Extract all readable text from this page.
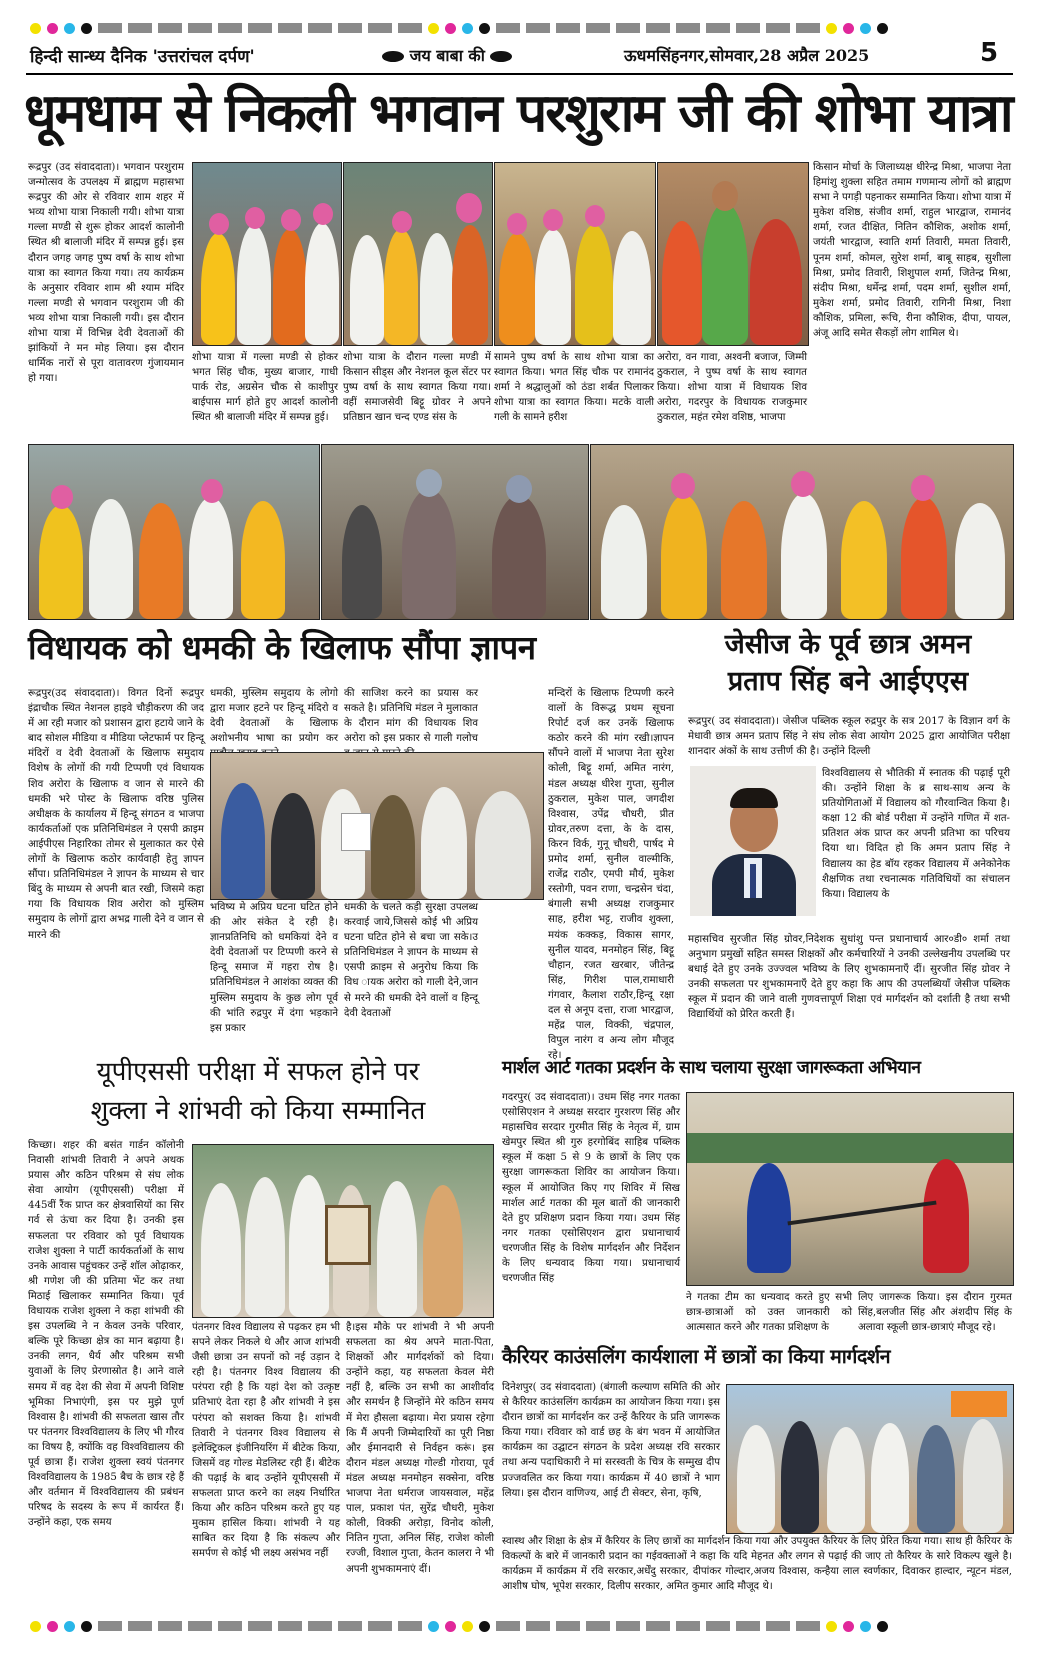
हिन्दी सान्ध्य दैनिक 'उत्तरांचल दर्पण'	जय बाबा की	ऊधमसिंहनगर,सोमवार,28 अप्रैल 2025	5
धूमधाम से निकली भगवान परशुराम जी की शोभा यात्रा
रूद्रपुर (उद संवाददाता)। भगवान परशुराम जन्मोत्सव के उपलक्ष्य में ब्राह्मण महासभा रूद्रपुर की ओर से रविवार शाम शहर में भव्य शोभा यात्रा निकाली गयी। शोभा यात्रा गल्ला मण्डी से शुरू होकर आदर्श कालोनी स्थित श्री बालाजी मंदिर में सम्पन्न हुई। इस दौरान जगह जगह पुष्प वर्षा के साथ शोभा यात्रा का स्वागत किया गया। तय कार्यक्रम के अनुसार रविवार शाम श्री श्याम मंदिर गल्ला मण्डी से भगवान परशुराम जी की भव्य शोभा यात्रा निकाली गयी। इस दौरान शोभा यात्रा में विभिन्न देवी देवताओं की झांकियों ने मन मोह लिया। इस दौरान धार्मिक नारों से पूरा वातावरण गुंजायमान हो गया।
शोभा यात्रा में गल्ला मण्डी से होकर भगत सिंह चौक, मुख्य बाजार, गाधी पार्क रोड, अग्रसेन चौक से काशीपुर बाईपास मार्ग होते हुए आदर्श कालोनी स्थित श्री बालाजी मंदिर में सम्पन्न हुई।
शोभा यात्रा के दौरान गल्ला मण्डी में किसान सीड्स और नेशनल कूल सेंटर पर पुष्प वर्षा के साथ स्वागत किया गया। वहीं समाजसेवी बिट्टू ग्रोवर ने अपने प्रतिष्ठान खान चन्द एण्ड संस के
सामने पुष्प वर्षा के साथ शोभा यात्रा का स्वागत किया। भगत सिंह चौक पर रामानंद शर्मा ने श्रद्धालुओं को ठंडा शर्बत पिलाकर शोभा यात्रा का स्वागत किया। मटके वाली गली के सामने हरीश
अरोरा, वन गावा, अश्वनी बजाज, जिम्मी ठुकराल, ने पुष्प वर्षा के साथ स्वागत किया। शोभा यात्रा में विधायक शिव अरोरा, गदरपुर के विधायक राजकुमार ठुकराल, महंत रमेश वशिष्ठ, भाजपा
किसान मोर्चा के जिलाध्यक्ष धीरेन्द्र मिश्रा, भाजपा नेता हिमांशु शुक्ला सहित तमाम गणमान्य लोगों को ब्राह्मण सभा ने पगड़ी पहनाकर सम्मानित किया। शोभा यात्रा में मुकेश वशिष्ठ, संजीव शर्मा, राहुल भारद्वाज, रामानंद शर्मा, रजत दीक्षित, नितिन कौशिक, अशोक शर्मा, जयंती भारद्वाज, स्वाति शर्मा तिवारी, ममता तिवारी, पूनम शर्मा, कोमल, सुरेश शर्मा, बाबू साहब, सुशीला मिश्रा, प्रमोद तिवारी, शिशुपाल शर्मा, जितेन्द्र मिश्रा, संदीप मिश्रा, धर्मेन्द्र शर्मा, पदम शर्मा, सुशील शर्मा, मुकेश शर्मा, प्रमोद तिवारी, रागिनी मिश्रा, निशा कौशिक, प्रमिला, रूचि, रीना कौशिक, दीपा, पायल, अंजू आदि समेत सैकड़ों लोग शामिल थे।
विधायक को धमकी के खिलाफ सौंपा ज्ञापन
रूद्रपुर(उद संवाददाता)। विगत दिनों रूद्रपुर इंद्राचौक स्थित नेशनल हाइवे चौड़ीकरण की जद में आ रही मजार को प्रशासन द्वारा हटाये जाने के बाद सोशल मीडिया व मीडिया प्लेटफार्म पर हिन्दू मंदिरों व देवी देवताओं के खिलाफ समुदाय विशेष के लोगों की गयी टिप्पणी एवं विधायक शिव अरोरा के खिलाफ व जान से मारने की धमकी भरे पोस्ट के खिलाफ वरिष्ठ पुलिस अधीक्षक के कार्यालय में हिन्दू संगठन व भाजपा कार्यकर्ताओं एक प्रतिनिधिमंडल ने एसपी क्राइम आईपीएस निहारिका तोमर से मुलाकात कर ऐसे लोगों के खिलाफ कठोर कार्यवाही हेतु ज्ञापन सौंपा। प्रतिनिधिमंडल ने ज्ञापन के माध्यम से चार बिंदु के माध्यम से अपनी बात रखी, जिसमे कहा गया कि विधायक शिव अरोरा को मुस्लिम समुदाय के लोगों द्वारा अभद्र गाली देने व जान से मारने की
धमकी, मुस्लिम समुदाय के लोगो द्वारा मजार हटने पर हिन्दू मंदिरो व देवी देवताओं के खिलाफ अशोभनीय भाषा का प्रयोग कर
की साजिश करने का प्रयास कर सकते है। प्रतिनिधि मंडल ने मुलाकात के दौरान मांग की विधायक शिव अरोरा को इस प्रकार से गाली गलोच
भविष्य मे अप्रिय घटना घटित होने की ओर संकेत दे रही है।ज्ञानप्रतिनिधि को धमकियां देने व देवी देवताओं पर टिप्पणी करने से हिन्दू समाज में गहरा रोष है। प्रतिनिधिमंडल ने आशंका व्यक्त की मुस्लिम समुदाय के कुछ लोग पूर्व की भांति रुद्रपुर में दंगा भड़काने इस प्रकार
धमकी के चलते कड़ी सुरक्षा उपलब्ध करवाई जाये,जिससे कोई भी अप्रिय घटना घटित होने से बचा जा सके।उ प्रतिनिधिमंडल ने ज्ञापन के माध्यम से एसपी क्राइम से अनुरोध किया कि विध ायक अरोरा को गाली देने,जान से मरने की धमकी देने वालों व हिन्दू देवी देवताओं
मन्दिरों के खिलाफ टिप्पणी करने वालों के विरूद्ध प्रथम सूचना रिपोर्ट दर्ज कर उनकें खिलाफ कठोर करने की मांग रखी।ज्ञापन सौंपने वालों में भाजपा नेता सुरेश कोली, बिट्टू शर्मा, अमित नारंग, मंडल अध्यक्ष धीरेश गुप्ता, सुनील ठुकराल, मुकेश पाल, जगदीश विश्वास, उपेंद्र चौधरी, प्रीत ग्रोवर,तरुण दत्ता, के के दास, किरन विर्क, गुनू चौधरी, पार्षद मे प्रमोद शर्मा, सुनील वाल्मीकि, राजेंद्र राठौर, एमपी मौर्य, मुकेश रस्तोगी, पवन राणा, चन्द्रसेन चंदा, बंगाली सभी अध्यक्ष राजकुमार साह, हरीश भट्ट, राजीव शुक्ला, मयंक कक्कड़, विकास सागर, सुनील यादव, मनमोहन सिंह, बिट्टू चौहान, रजत खरबार, जीतेन्द्र सिंह, गिरीश पाल,रामाधारी गंगवार, कैलाश राठौर,हिन्दू रक्षा दल से अनूप दत्ता, राजा भारद्वाज, महेंद्र पाल, विक्की, चंद्रपाल, विपुल नारंग व अन्य लोग मौजूद रहे।
जेसीज के पूर्व छात्र अमन
प्रताप सिंह बने आईएएस
रूद्रपुर( उद संवाददाता)। जेसीज पब्लिक स्कूल रुद्रपुर के सत्र 2017 के विज्ञान वर्ग के मेधावी छात्र अमन प्रताप सिंह ने संघ लोक सेवा आयोग 2025 द्वारा आयोजित परीक्षा शानदार अंकों के साथ उत्तीर्ण की है। उन्होंने दिल्ली
विश्वविद्यालय से भौतिकी में स्नातक की पढ़ाई पूरी की। उन्होंने शिक्षा के ब्र साथ-साथ अन्य के प्रतियोगिताओं में विद्यालय को गौरवान्वित किया है। कक्षा 12 की बोर्ड परीक्षा में उन्होंने गणित में शत-प्रतिशत अंक प्राप्त कर अपनी प्रतिभा का परिचय दिया था। विदित हो कि अमन प्रताप सिंह ने विद्यालय का हेड बॉय रहकर विद्यालय में अनेकोनेक शैक्षणिक तथा रचनात्मक गतिविधियों का संचालन किया। विद्यालय के
महासचिव सुरजीत सिंह ग्रोवर,निदेशक सुधांशु पन्त प्रधानाचार्य आर०डी० शर्मा तथा अनुभाग प्रमुखों सहित समस्त शिक्षकों और कर्मचारियों ने उनकी उल्लेखनीय उपलब्धि पर बधाई देते हुए उनके उज्ज्वल भविष्य के लिए शुभकामनाएँ दीं। सुरजीत सिंह ग्रोवर ने उनकी सफलता पर शुभकामनाएँ देते हुए कहा कि आप की उपलब्धियाँ जेसीज पब्लिक स्कूल में प्रदान की जाने वाली गुणवत्तापूर्ण शिक्षा एवं मार्गदर्शन को दर्शाती है तथा सभी विद्यार्थियों को प्रेरित करती हैं।
यूपीएससी परीक्षा में सफल होने पर
शुक्ला ने शांभवी को किया सम्मानित
किच्छा। शहर की बसंत गार्डन कॉलोनी निवासी शांभवी तिवारी ने अपने अथक प्रयास और कठिन परिश्रम से संघ लोक सेवा आयोग (यूपीएससी) परीक्षा में 445वीं रैंक प्राप्त कर क्षेत्रवासियों का सिर गर्व से ऊंचा कर दिया है। उनकी इस सफलता पर रविवार को पूर्व विधायक राजेश शुक्ला ने पार्टी कार्यकर्ताओं के साथ उनके आवास पहुंचकर उन्हें शॉल ओढ़ाकर, श्री गणेश जी की प्रतिमा भेंट कर तथा मिठाई खिलाकर सम्मानित किया। पूर्व विधायक राजेश शुक्ला ने कहा शांभवी की इस उपलब्धि ने न केवल उनके परिवार, बल्कि पूरे किच्छा क्षेत्र का मान बढ़ाया है। उनकी लगन, धैर्य और परिश्रम सभी युवाओं के लिए प्रेरणास्रोत है। आने वाले समय में वह देश की सेवा में अपनी विशिष्ट भूमिका निभाएंगी, इस पर मुझे पूर्ण विश्वास है। शांभवी की सफलता खास तौर पर पंतनगर विश्वविद्यालय के लिए भी गौरव का विषय है, क्योंकि वह विश्वविद्यालय की पूर्व छात्रा हैं। राजेश शुक्ला स्वयं पंतनगर विश्वविद्यालय के 1985 बैच के छात्र रहे हैं और वर्तमान में विश्वविद्यालय की प्रबंधन परिषद के सदस्य के रूप में कार्यरत हैं। उन्होंने कहा, एक समय
पंतनगर विश्व विद्यालय से पढ़कर हम भी सपने लेकर निकले थे और आज शांभवी जैसी छात्रा उन सपनों को नई उड़ान दे रही है। पंतनगर विश्व विद्यालय की परंपरा रही है कि यहां देश को उत्कृष्ट प्रतिभाएं देता रहा है और शांभवी ने इस परंपरा को सशक्त किया है। शांभवी तिवारी ने पंतनगर विश्व विद्यालय से इलेक्ट्रिकल इंजीनियरिंग में बीटेक किया, जिसमें वह गोल्ड मेडलिस्ट रही हैं। बीटेक की पढ़ाई के बाद उन्होंने यूपीएससी में सफलता प्राप्त करने का लक्ष्य निर्धारित किया और कठिन परिश्रम करते हुए यह मुकाम हासिल किया। शांभवी ने यह साबित कर दिया है कि संकल्प और समर्पण से कोई भी लक्ष्य असंभव नहीं
है।इस मौके पर शांभवी ने भी अपनी सफलता का श्रेय अपने माता-पिता, शिक्षकों और मार्गदर्शकों को दिया। उन्होंने कहा, यह सफलता केवल मेरी नहीं है, बल्कि उन सभी का आशीर्वाद और समर्थन है जिन्होंने मेरे कठिन समय में मेरा हौसला बढ़ाया। मेरा प्रयास रहेगा कि मैं अपनी जिम्मेदारियों का पूरी निष्ठा और ईमानदारी से निर्वहन करूं। इस दौरान मंडल अध्यक्ष गोल्डी गोराया, पूर्व मंडल अध्यक्ष मनमोहन सक्सेना, वरिष्ठ भाजपा नेता धर्मराज जायसवाल, महेंद्र पाल, प्रकाश पंत, सुरेंद्र चौधरी, मुकेश कोली, विक्की अरोड़ा, विनोद कोली, नितिन गुप्ता, अनिल सिंह, राजेश कोली रज्जी, विशाल गुप्ता, केतन कालरा ने भी अपनी शुभकामनाएं दीं।
मार्शल आर्ट गतका प्रदर्शन के साथ चलाया सुरक्षा जागरूकता अभियान
गदरपुर( उद संवाददाता)। उधम सिंह नगर गतका एसोसिएशन ने अध्यक्ष सरदार गुरशरण सिंह और महासचिव सरदार गुरमीत सिंह के नेतृत्व में, ग्राम खेमपुर स्थित श्री गुरु हरगोबिंद साहिब पब्लिक स्कूल में कक्षा 5 से 9 के छात्रों के लिए एक सुरक्षा जागरूकता शिविर का आयोजन किया। स्कूल में आयोजित किए गए शिविर में सिख मार्शल आर्ट गतका की मूल बातों की जानकारी देते हुए प्रशिक्षण प्रदान किया गया। उधम सिंह नगर गतका एसोसिएशन द्वारा प्रधानाचार्य चरणजीत सिंह के विशेष मार्गदर्शन और निर्देशन के लिए धन्यवाद किया गया। प्रधानाचार्य चरणजीत सिंह
ने गतका टीम का धन्यवाद करते हुए सभी छात्र-छात्राओं को उक्त जानकारी को आत्मसात करने और गतका प्रशिक्षण के
लिए जागरूक किया। इस दौरान गुरमत सिंह,बलजीत सिंह और अंशदीप सिंह के अलावा स्कूली छात्र-छात्राएं मौजूद रहे।
कैरियर काउंसलिंग कार्यशाला में छात्रों का किया मार्गदर्शन
दिनेशपुर( उद संवाददाता) (बंगाली कल्याण समिति की ओर से कैरियर काउंसलिंग कार्यक्रम का आयोजन किया गया। इस दौरान छात्रों का मार्गदर्शन कर उन्हें कैरियर के प्रति जागरूक किया गया। रविवार को वार्ड छह के बंग भवन में आयोजित कार्यक्रम का उद्घाटन संगठन के प्रदेश अध्यक्ष रवि सरकार तथा अन्य पदाधिकारी ने मां सरस्वती के चित्र के सम्मुख दीप प्रज्जवलित कर किया गया। कार्यक्रम में 40 छात्रों ने भाग लिया। इस दौरान वाणिज्य, आई टी सेक्टर, सेना, कृषि,
स्वास्थ और शिक्षा के क्षेत्र में कैरियर के लिए छात्रों का मार्गदर्शन किया गया और उपयुक्त कैरियर के लिए प्रेरित किया गया। साथ ही कैरियर के विकल्पों के बारे में जानकारी प्रदान का गईवक्ताओं ने कहा कि यदि मेहनत और लगन से पढ़ाई की जाए तो कैरियर के सारे विकल्प खुले है। कार्यक्रम में कार्यक्रम में रवि सरकार,अर्धेंदु सरकार, दीपांकर गोल्दार,अजय विश्वास, कन्हैया लाल स्वर्णकार, दिवाकर हाल्दार, न्यूटन मंडल, आशीष घोष, भूपेश सरकार, दिलीप सरकार, अमित कुमार आदि मौजूद थे।
